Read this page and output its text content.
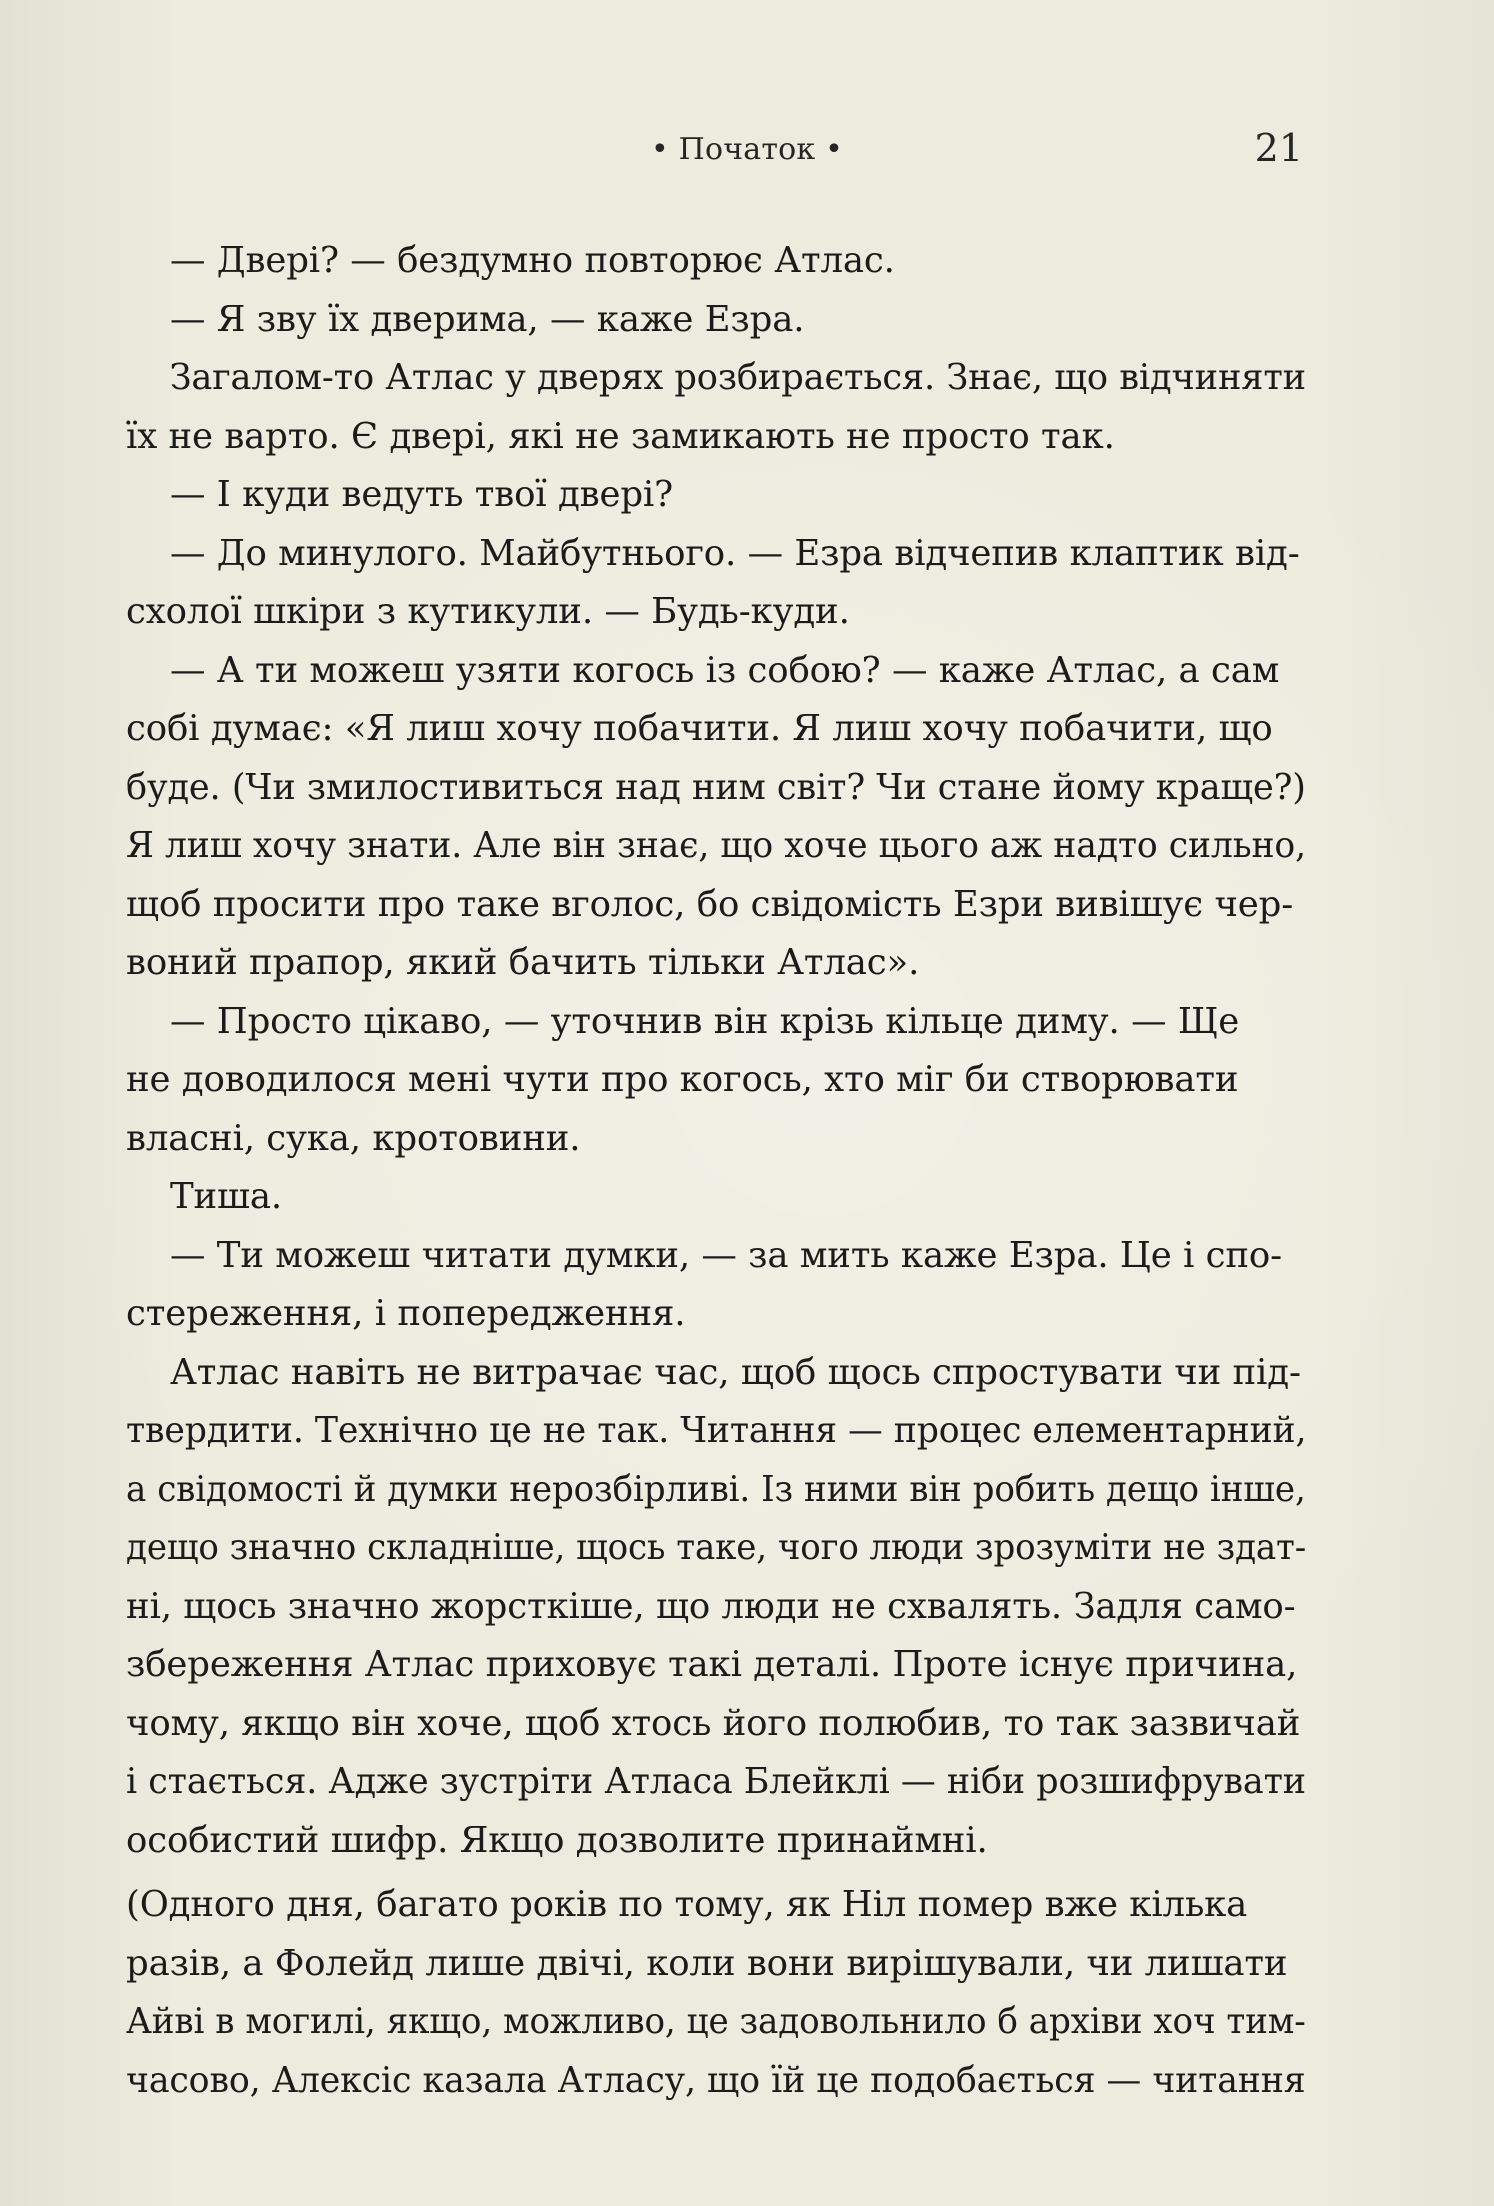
• Початок •	21
— Двері? — бездумно повторює Атлас.
— Я зву їх дверима, — каже Езра.
Загалом-то Атлас у дверях розбирається. Знає, що відчиняти
їх не варто. Є двері, які не замикають не просто так.
— І куди ведуть твої двері?
— До минулого. Майбутнього. — Езра відчепив клаптик від-
схолої шкіри з кутикули. — Будь-куди.
— А ти можеш узяти когось із собою? — каже Атлас, а сам
собі думає: «Я лиш хочу побачити. Я лиш хочу побачити, що
буде. (Чи змилостивиться над ним світ? Чи стане йому краще?)
Я лиш хочу знати. Але він знає, що хоче цього аж надто сильно,
щоб просити про таке вголос, бо свідомість Езри вивішує чер-
воний прапор, який бачить тільки Атлас».
— Просто цікаво, — уточнив він крізь кільце диму. — Ще
не доводилося мені чути про когось, хто міг би створювати
власні, сука, кротовини.
Тиша.
— Ти можеш читати думки, — за мить каже Езра. Це і спо-
стереження, і попередження.
Атлас навіть не витрачає час, щоб щось спростувати чи під-
твердити. Технічно це не так. Читання — процес елементарний,
а свідомості й думки нерозбірливі. Із ними він робить дещо інше,
дещо значно складніше, щось таке, чого люди зрозуміти не здат-
ні, щось значно жорсткіше, що люди не схвалять. Задля само-
збереження Атлас приховує такі деталі. Проте існує причина,
чому, якщо він хоче, щоб хтось його полюбив, то так зазвичай
і стається. Адже зустріти Атласа Блейклі — ніби розшифрувати
особистий шифр. Якщо дозволите принаймні.
(Одного дня, багато років по тому, як Ніл помер вже кілька
разів, а Фолейд лише двічі, коли вони вирішували, чи лишати
Айві в могилі, якщо, можливо, це задовольнило б архіви хоч тим-
часово, Алексіс казала Атласу, що їй це подобається — читання
